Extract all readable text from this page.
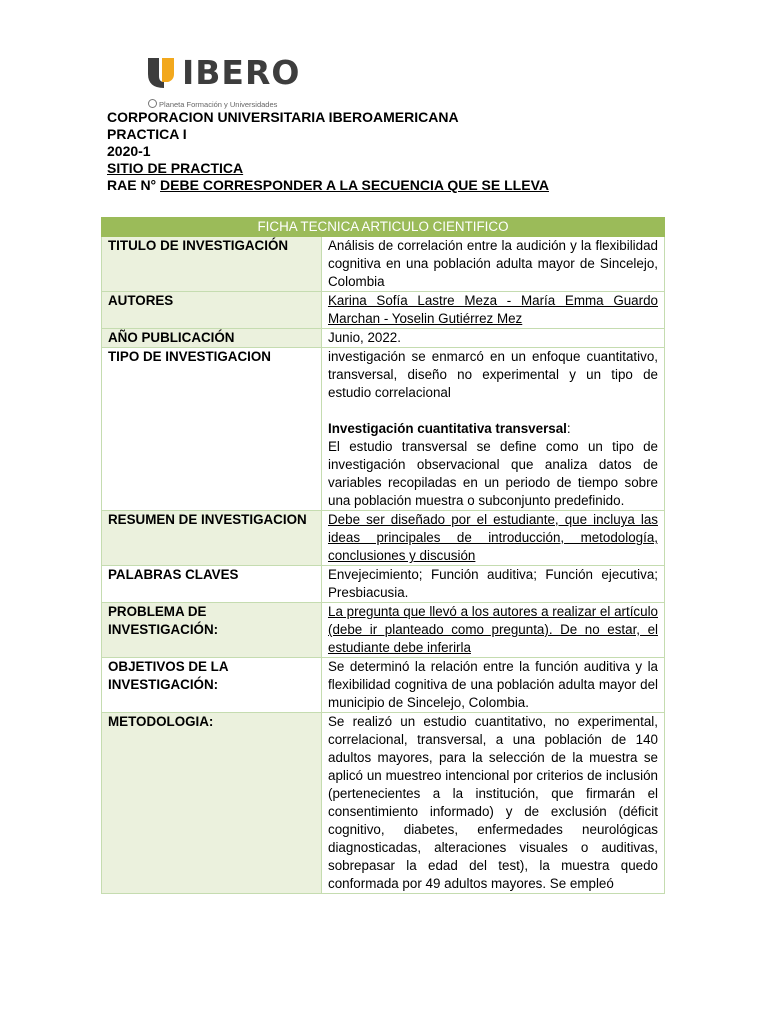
IBERO
Planeta Formación y Universidades
CORPORACION UNIVERSITARIA IBEROAMERICANA
PRACTICA I
2020-1
SITIO DE PRACTICA
RAE N° DEBE CORRESPONDER A LA SECUENCIA QUE SE LLEVA
FICHA TECNICA ARTICULO CIENTIFICO	
TITULO DE INVESTIGACIÓN	Análisis de correlación entre la audición y la flexibilidad cognitiva en una población adulta mayor de Sincelejo, Colombia
AUTORES	Karina Sofía Lastre Meza - María Emma Guardo Marchan - Yoselin Gutiérrez Mez
AÑO PUBLICACIÓN	Junio, 2022.
TIPO DE INVESTIGACION	investigación se enmarcó en un enfoque cuantitativo, transversal, diseño no experimental y un tipo de estudio correlacional
Investigación cuantitativa transversal:
El estudio transversal se define como un tipo de investigación observacional que analiza datos de variables recopiladas en un periodo de tiempo sobre una población muestra o subconjunto predefinido.

RESUMEN DE INVESTIGACION	Debe ser diseñado por el estudiante, que incluya las ideas principales de introducción, metodología, conclusiones y discusión
PALABRAS CLAVES	Envejecimiento; Función auditiva; Función ejecutiva; Presbiacusia.
PROBLEMA DE INVESTIGACIÓN:	La pregunta que llevó a los autores a realizar el artículo (debe ir planteado como pregunta). De no estar, el estudiante debe inferirla
OBJETIVOS DE LA INVESTIGACIÓN:	Se determinó la relación entre la función auditiva y la flexibilidad cognitiva de una población adulta mayor del municipio de Sincelejo, Colombia.
METODOLOGIA:	Se realizó un estudio cuantitativo, no experimental, correlacional, transversal, a una población de 140 adultos mayores, para la selección de la muestra se aplicó un muestreo intencional por criterios de inclusión (pertenecientes a la institución, que firmarán el consentimiento informado) y de exclusión (déficit cognitivo, diabetes, enfermedades neurológicas diagnosticadas, alteraciones visuales o auditivas, sobrepasar la edad del test), la muestra quedo conformada por 49 adultos mayores. Se empleó
